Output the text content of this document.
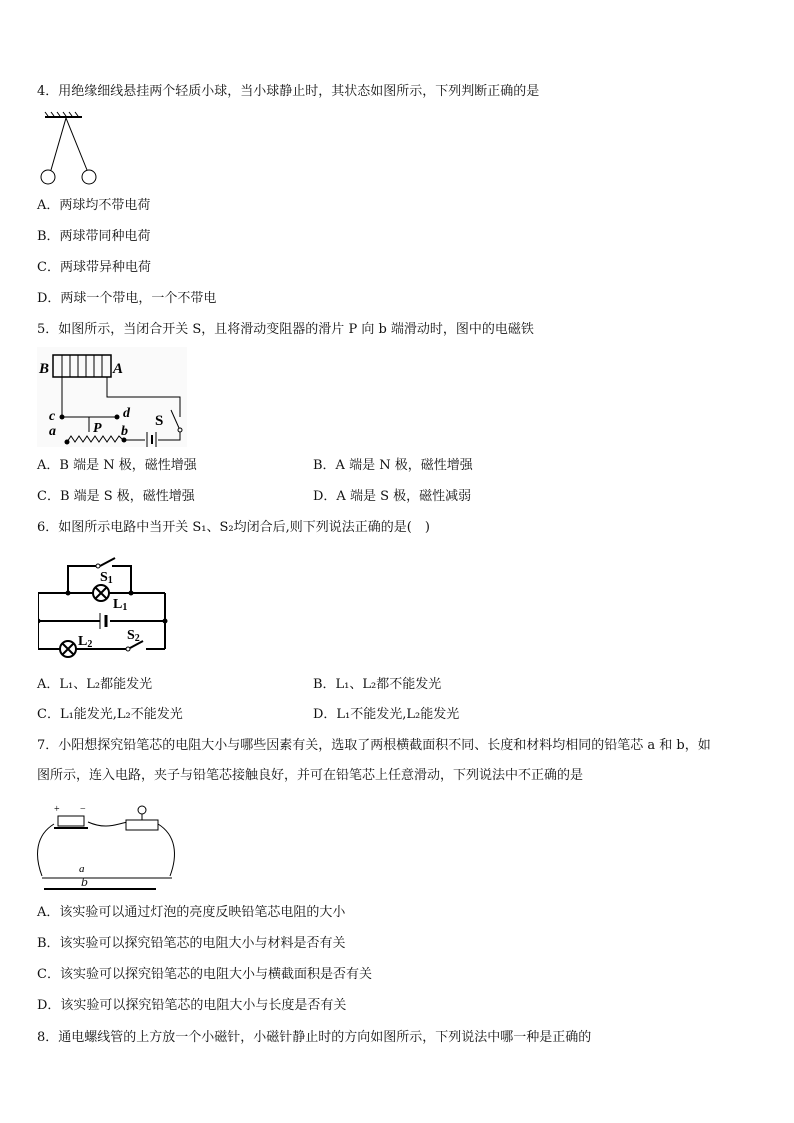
4．用绝缘细线悬挂两个轻质小球，当小球静止时，其状态如图所示，下列判断正确的是
A．两球均不带电荷
B．两球带同种电荷
C．两球带异种电荷
D．两球一个带电，一个不带电
5．如图所示，当闭合开关 S，且将滑动变阻器的滑片 P 向 b 端滑动时，图中的电磁铁
B	A
c	d
P
a	b
S
A．B 端是 N 极，磁性增强	B．A 端是 N 极，磁性增强
C．B 端是 S 极，磁性增强	D．A 端是 S 极，磁性减弱
6．如图所示电路中当开关 S₁、S₂均闭合后,则下列说法正确的是(　)
S1
L1
L2
S2
A．L₁、L₂都能发光	B．L₁、L₂都不能发光
C．L₁能发光,L₂不能发光	D．L₁不能发光,L₂能发光
7．小阳想探究铅笔芯的电阻大小与哪些因素有关，选取了两根横截面积不同、长度和材料均相同的铅笔芯 a 和 b，如
图所示，连入电路，夹子与铅笔芯接触良好，并可在铅笔芯上任意滑动，下列说法中不正确的是
+ −
a
b
A．该实验可以通过灯泡的亮度反映铅笔芯电阻的大小
B．该实验可以探究铅笔芯的电阻大小与材料是否有关
C．该实验可以探究铅笔芯的电阻大小与横截面积是否有关
D．该实验可以探究铅笔芯的电阻大小与长度是否有关
8．通电螺线管的上方放一个小磁针，小磁针静止时的方向如图所示，下列说法中哪一种是正确的
